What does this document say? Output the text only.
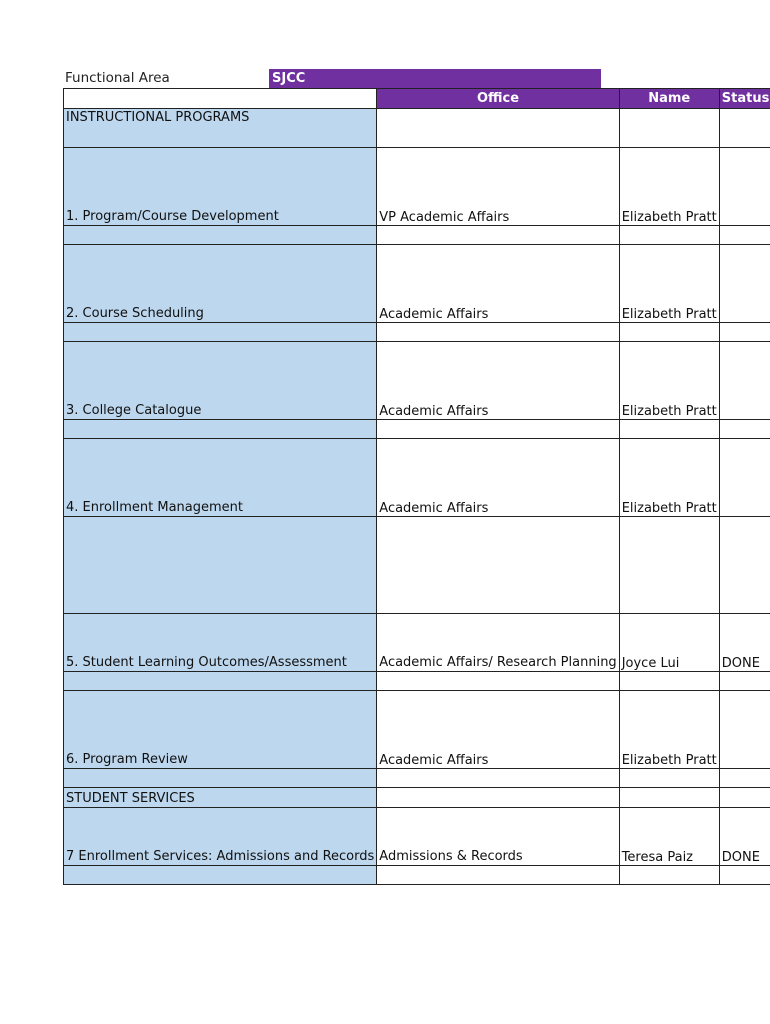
Functional Area	SJCC
	Office	Name	Status
INSTRUCTIONAL PROGRAMS			
1. Program/Course Development	VP Academic Affairs	Elizabeth Pratt	

2. Course Scheduling	Academic Affairs	Elizabeth Pratt	

3. College Catalogue	Academic Affairs	Elizabeth Pratt	

4. Enrollment Management	Academic Affairs	Elizabeth Pratt	

5. Student Learning Outcomes/Assessment	Academic Affairs/ Research Planning	Joyce Lui	DONE

6. Program Review	Academic Affairs	Elizabeth Pratt	

STUDENT SERVICES			
7 Enrollment Services: Admissions and Records	Admissions & Records	Teresa Paiz	DONE
